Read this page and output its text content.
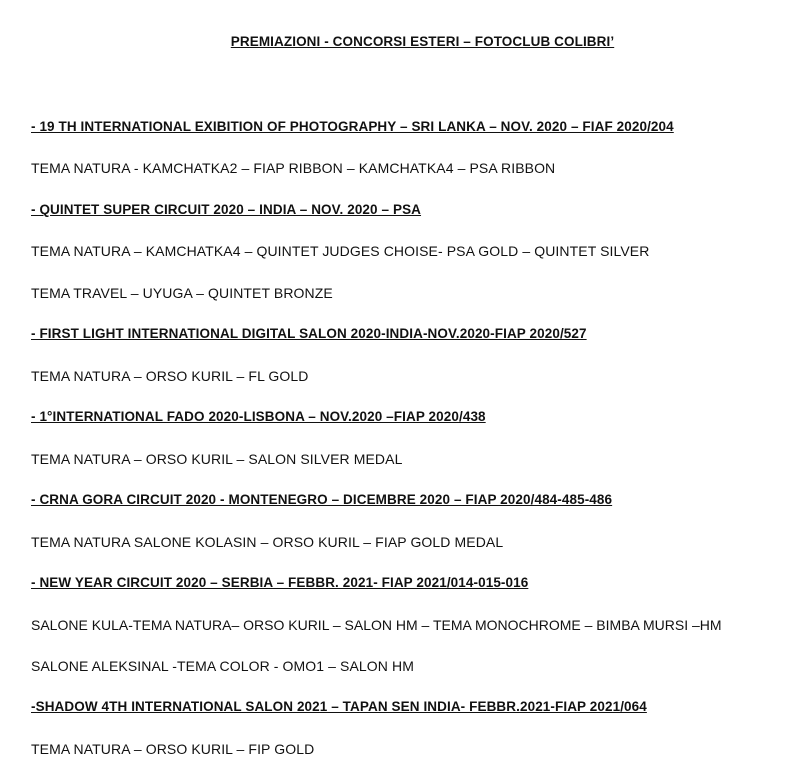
PREMIAZIONI - CONCORSI ESTERI – FOTOCLUB COLIBRI’
- 19 TH INTERNATIONAL EXIBITION OF PHOTOGRAPHY – SRI LANKA – NOV. 2020 – FIAF 2020/204
TEMA NATURA - KAMCHATKA2 – FIAP RIBBON – KAMCHATKA4 – PSA RIBBON
- QUINTET SUPER CIRCUIT 2020 – INDIA – NOV. 2020 – PSA
TEMA NATURA – KAMCHATKA4 – QUINTET JUDGES CHOISE- PSA GOLD – QUINTET SILVER
TEMA TRAVEL – UYUGA – QUINTET BRONZE
- FIRST LIGHT INTERNATIONAL DIGITAL SALON 2020-INDIA-NOV.2020-FIAP 2020/527
TEMA NATURA – ORSO KURIL – FL GOLD
- 1°INTERNATIONAL FADO 2020-LISBONA – NOV.2020 –FIAP 2020/438
TEMA NATURA – ORSO KURIL – SALON SILVER MEDAL
- CRNA GORA CIRCUIT 2020 - MONTENEGRO – DICEMBRE 2020 – FIAP 2020/484-485-486
TEMA NATURA SALONE KOLASIN – ORSO KURIL – FIAP GOLD MEDAL
- NEW YEAR CIRCUIT 2020 – SERBIA – FEBBR. 2021- FIAP 2021/014-015-016
SALONE KULA-TEMA NATURA– ORSO KURIL – SALON HM – TEMA MONOCHROME – BIMBA MURSI –HM
SALONE ALEKSINAL -TEMA COLOR - OMO1 – SALON HM
-SHADOW 4TH INTERNATIONAL SALON 2021 – TAPAN SEN INDIA- FEBBR.2021-FIAP 2021/064
TEMA NATURA – ORSO KURIL – FIP GOLD
